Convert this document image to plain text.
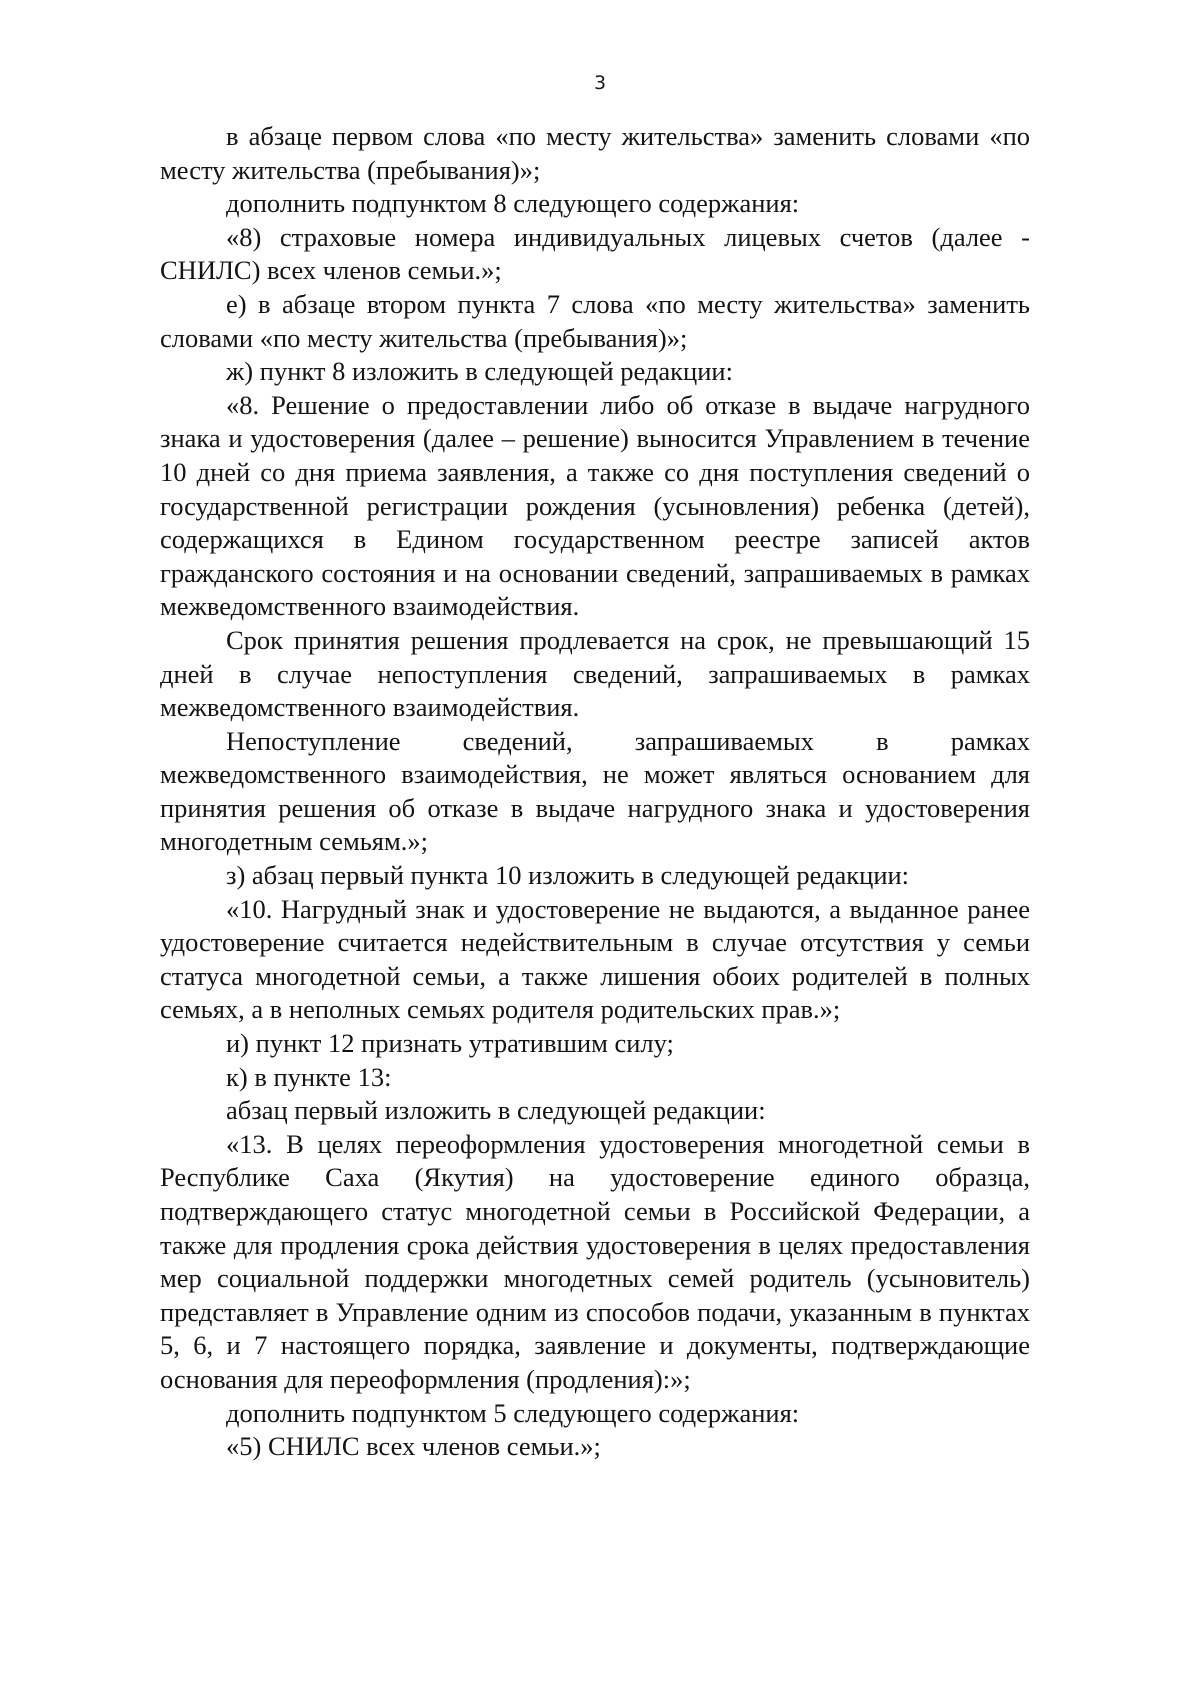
3

в абзаце первом слова «по месту жительства» заменить словами «по месту жительства (пребывания)»;

дополнить подпунктом 8 следующего содержания:

«8) страховые номера индивидуальных лицевых счетов (далее - СНИЛС) всех членов семьи.»;

е) в абзаце втором пункта 7 слова «по месту жительства» заменить словами «по месту жительства (пребывания)»;

ж) пункт 8 изложить в следующей редакции:

«8. Решение о предоставлении либо об отказе в выдаче нагрудного знака и удостоверения (далее – решение) выносится Управлением в течение 10 дней со дня приема заявления, а также со дня поступления сведений о государственной регистрации рождения (усыновления) ребенка (детей), содержащихся в Едином государственном реестре записей актов гражданского состояния и на основании сведений, запрашиваемых в рамках межведомственного взаимодействия.

Срок принятия решения продлевается на срок, не превышающий 15 дней в случае непоступления сведений, запрашиваемых в рамках межведомственного взаимодействия.

Непоступление сведений, запрашиваемых в рамках межведомственного взаимодействия, не может являться основанием для принятия решения об отказе в выдаче нагрудного знака и удостоверения многодетным семьям.»;

з) абзац первый пункта 10 изложить в следующей редакции:

«10. Нагрудный знак и удостоверение не выдаются, а выданное ранее удостоверение считается недействительным в случае отсутствия у семьи статуса многодетной семьи, а также лишения обоих родителей в полных семьях, а в неполных семьях родителя родительских прав.»;

и) пункт 12 признать утратившим силу;

к) в пункте 13:

абзац первый изложить в следующей редакции:

«13. В целях переоформления удостоверения многодетной семьи в Республике Саха (Якутия) на удостоверение единого образца, подтверждающего статус многодетной семьи в Российской Федерации, а также для продления срока действия удостоверения в целях предоставления мер социальной поддержки многодетных семей родитель (усыновитель) представляет в Управление одним из способов подачи, указанным в пунктах 5, 6, и 7 настоящего порядка, заявление и документы, подтверждающие основания для переоформления (продления):»;

дополнить подпунктом 5 следующего содержания:

«5) СНИЛС всех членов семьи.»;
